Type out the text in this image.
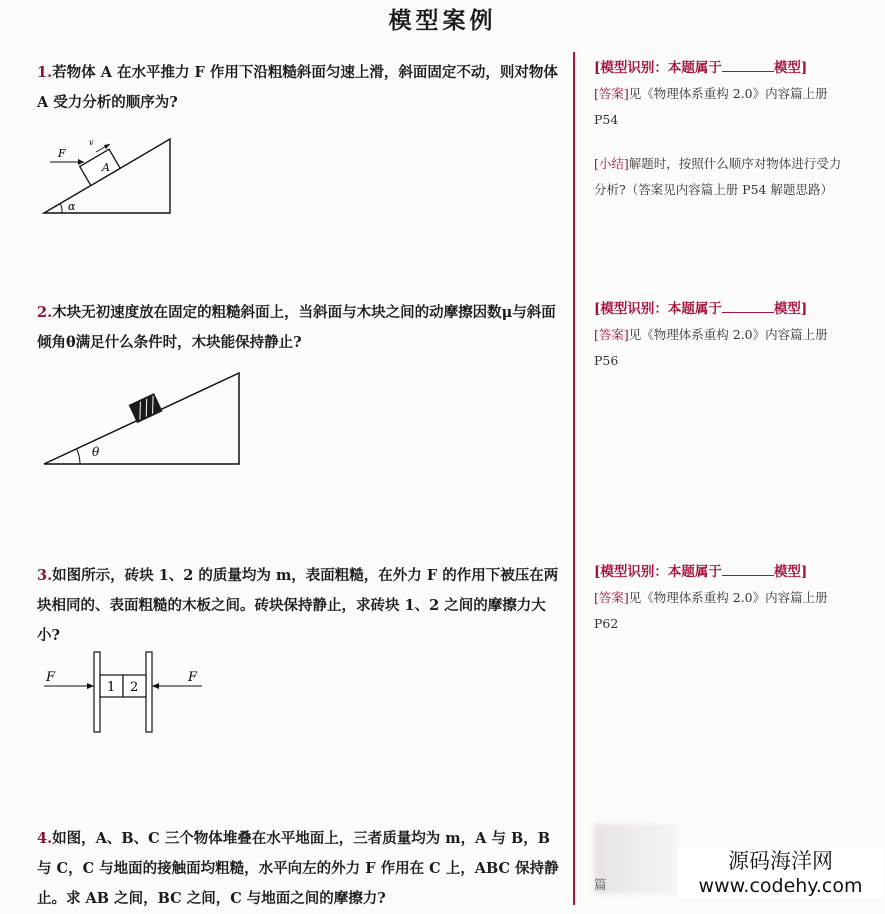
模型案例
1.若物体 A 在水平推力 F 作用下沿粗糙斜面匀速上滑，斜面固定不动，则对物体 A 受力分析的顺序为?
α
A
F
v
2.木块无初速度放在固定的粗糙斜面上，当斜面与木块之间的动摩擦因数μ与斜面倾角θ满足什么条件时，木块能保持静止?
θ
3.如图所示，砖块 1、2 的质量均为 m，表面粗糙，在外力 F 的作用下被压在两块相同的、表面粗糙的木板之间。砖块保持静止，求砖块 1、2 之间的摩擦力大小?
1 2
F	F
4.如图，A、B、C 三个物体堆叠在水平地面上，三者质量均为 m，A 与 B，B 与 C，C 与地面的接触面均粗糙，水平向左的外力 F 作用在 C 上，ABC 保持静止。求 AB 之间，BC 之间，C 与地面之间的摩擦力?
[模型识别：本题属于	模型]
[答案]见《物理体系重构 2.0》内容篇上册 P54
[小结]解题时，按照什么顺序对物体进行受力分析?（答案见内容篇上册 P54 解题思路）
[模型识别：本题属于	模型]
[答案]见《物理体系重构 2.0》内容篇上册 P56
[模型识别：本题属于	模型]
[答案]见《物理体系重构 2.0》内容篇上册 P62
篇
源码海洋网
www.codehy.com
